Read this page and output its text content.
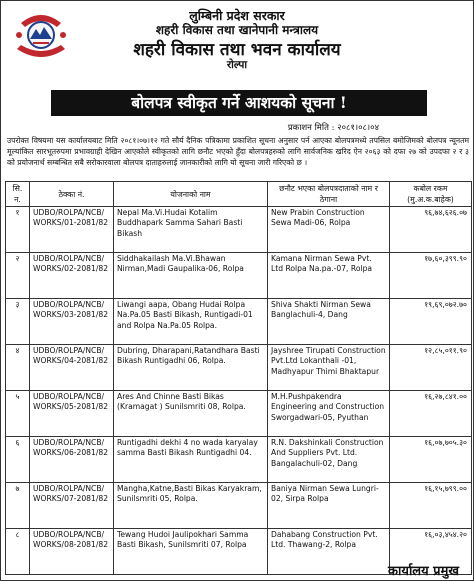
लुम्बिनी प्रदेश सरकार
शहरी विकास तथा खानेपानी मन्त्रालय
शहरी विकास तथा भवन कार्यालय
रोल्पा
बोलपत्र स्वीकृत गर्ने आशयको सूचना !
प्रकाशन मिति : २०८१।०८।०४
उपरोक्त विषयमा यस कार्यालयबाट मिति २०८१।०७।१२ गते सौर्य दैनिक पत्रिकामा प्रकाशित सूचना अनुसार पर्न आएका बोलपत्रमध्ये तपसिल बमोजिमको बोलपत्र न्यूनतम मूल्यांकित सारभूतरुपमा प्रभावग्राही देखिन आएकोले स्वीकृतको लागि छनौट भएको हुँदा बोलपत्रहरुको लागि सार्वजनिक खरिद ऐन २०६३ को दफा २७ को उपदफा २ र ३ को प्रयोजनार्थ सम्बन्धित सबै सरोकारवाला बोलपत्र दाताहरुलाई जानकारीको लागि यो सूचना जारी गरिएको छ ।
सि. न.	ठेक्का नं.	योजनाको नाम	छनौट भएका बोलपत्रदाताको नाम र ठेगाना	कबोल रकम (मु.अ.क.बाहेक)
१	UDBO/ROLPA/NCB/ WORKS/01-2081/82	Nepal Ma.Vi.Hudai Kotalim Buddhapark Samma Sahari Basti Bikash	New Prabin Construction Sewa Madi-06, Rolpa	९६,७४,६२६.०७
२	UDBO/ROLPA/NCB/ WORKS/02-2081/82	Siddhakailash Ma.Vi.Bhawan Nirman,Madi Gaupalika-06, Rolpa	Kamana Nirman Sewa Pvt. Ltd Rolpa Na.pa.-07, Rolpa	१७,६०,३९९.९०
३	UDBO/ROLPA/NCB/ WORKS/03-2081/82	Liwangi aapa, Obang Hudai Rolpa Na.Pa.05 Basti Bikash, Runtigadi-01 and Rolpa Na.Pa.05 Rolpa.	Shiva Shakti Nirman Sewa Banglachuli-4, Dang	१९,६९,०७२.७०
४	UDBO/ROLPA/NCB/ WORKS/04-2081/82	Dubring, Dharapani,Ratandhara Basti Bikash Runtigadhi 06, Rolpa.	Jayshree Tirupati Construction Pvt.Ltd Lokanthali -01, Madhyapur Thimi Bhaktapur	१२,८५,०११.९०
५	UDBO/ROLPA/NCB/ WORKS/05-2081/82	Ares And Chinne Basti Bikas (Kramagat ) Sunilsmriti 08, Rolpa.	M.H.Pushpakendra Engineering and Construction Sworgadwari-05, Pyuthan	१६,२७,८४१.००
६	UDBO/ROLPA/NCB/ WORKS/06-2081/82	Runtigadhi dekhi 4 no wada karyalay samma Basti Bikash Runtigadhi 04.	R.N. Dakshinkali Construction And Suppliers Pvt. Ltd. Bangalachuli-02, Dang	१६,०७,७०५.३०
७	UDBO/ROLPA/NCB/ WORKS/07-2081/82	Mangha,Katne,Basti Bikas Karyakram, Sunilsmriti 05, Rolpa.	Baniya Nirman Sewa Lungri-02, Sirpa Rolpa	१६,१५,७९९.००
८	UDBO/ROLPA/NCB/ WORKS/08-2081/82	Tewang Hudoi Jaulipokhari Samma Basti Bikash, Sunilsmriti 07, Rolpa	Dahabang Construction Pvt. Ltd. Thawang-2, Rolpa	१६,०३,४५४.२०
कार्यालय प्रमुख
